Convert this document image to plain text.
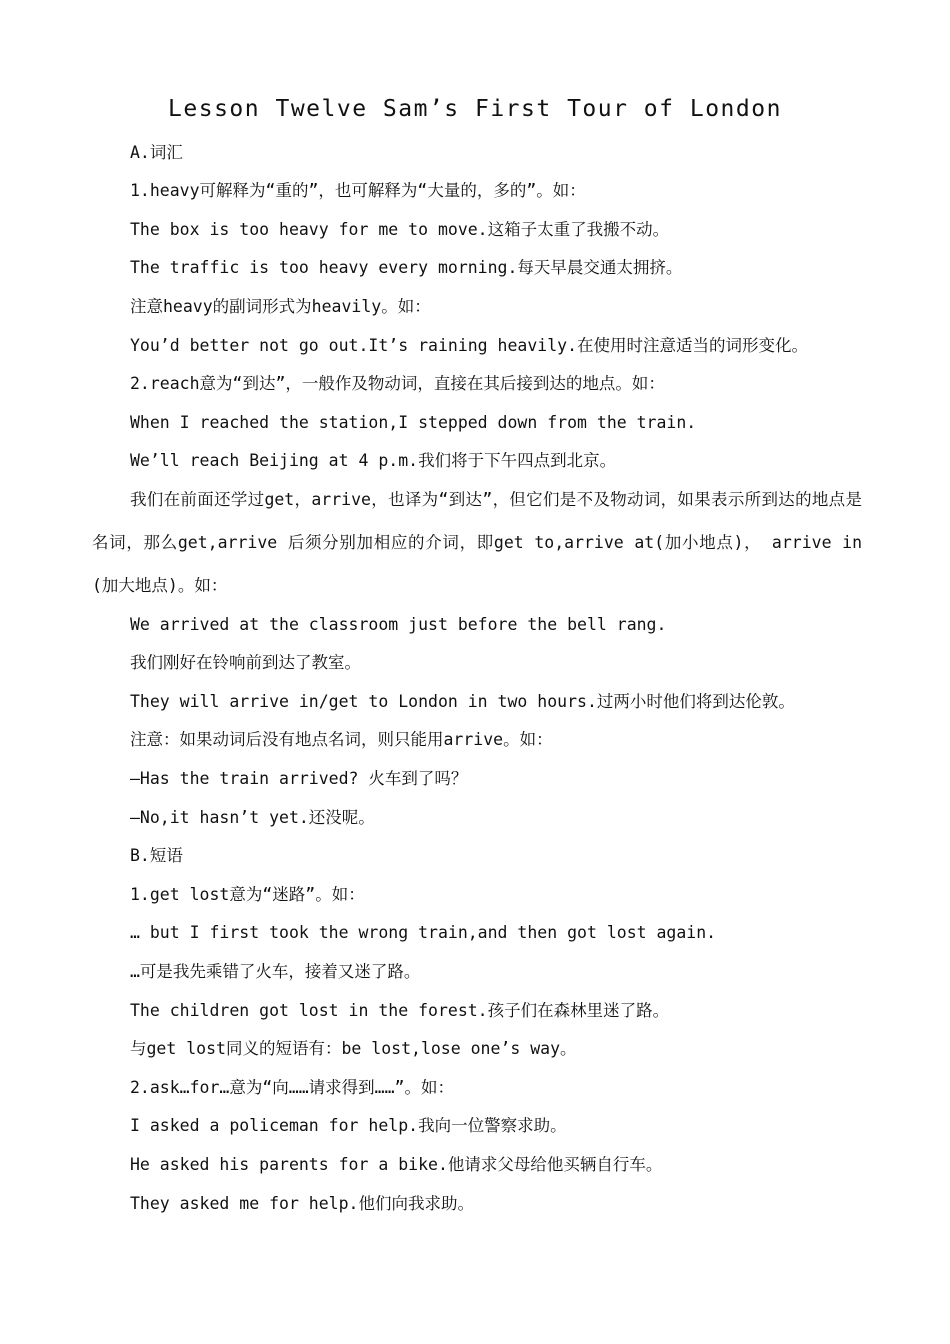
Lesson Twelve Sam’s First Tour of London
A.词汇
1.heavy可解释为“重的”，也可解释为“大量的，多的”。如：
The box is too heavy for me to move.这箱子太重了我搬不动。
The traffic is too heavy every morning.每天早晨交通太拥挤。
注意heavy的副词形式为heavily。如：
You’d better not go out.It’s raining heavily.在使用时注意适当的词形变化。
2.reach意为“到达”，一般作及物动词，直接在其后接到达的地点。如：
When I reached the station,I stepped down from the train.
We’ll reach Beijing at 4 p.m.我们将于下午四点到北京。
我们在前面还学过get，arrive，也译为“到达”，但它们是不及物动词，如果表示所到达的地点是名词，那么get,arrive 后须分别加相应的介词，即get to,arrive at(加小地点)， arrive in (加大地点)。如：
We arrived at the classroom just before the bell rang.
我们刚好在铃响前到达了教室。
They will arrive in/get to London in two hours.过两小时他们将到达伦敦。
注意：如果动词后没有地点名词，则只能用arrive。如：
—Has the train arrived? 火车到了吗？
—No,it hasn’t yet.还没呢。
B.短语
1.get lost意为“迷路”。如：
… but I first took the wrong train,and then got lost again.
…可是我先乘错了火车，接着又迷了路。
The children got lost in the forest.孩子们在森林里迷了路。
与get lost同义的短语有：be lost,lose one’s way。
2.ask…for…意为“向……请求得到……”。如：
I asked a policeman for help.我向一位警察求助。
He asked his parents for a bike.他请求父母给他买辆自行车。
They asked me for help.他们向我求助。
